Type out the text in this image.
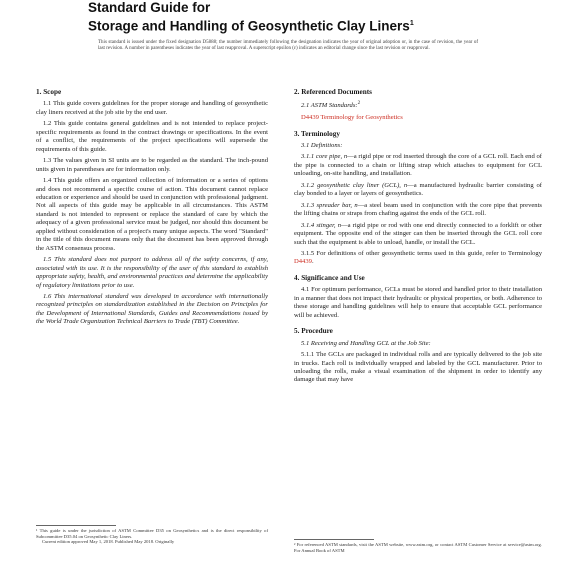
Standard Guide for
Storage and Handling of Geosynthetic Clay Liners$^1$
This standard is issued under the fixed designation D5888; the number immediately following the designation indicates the year of original adoption or, in the case of revision, the year of last revision. A number in parentheses indicates the year of last reapproval. A superscript epsilon (ε) indicates an editorial change since the last revision or reapproval.
1. Scope
1.1 This guide covers guidelines for the proper storage and handling of geosynthetic clay liners received at the job site by the end user.
1.2 This guide contains general guidelines and is not intended to replace project-specific requirements as found in the contract drawings or specifications. In the event of a conflict, the requirements of the project specifications will supersede the requirements of this guide.
1.3 The values given in SI units are to be regarded as the standard. The inch-pound units given in parentheses are for information only.
1.4 This guide offers an organized collection of information or a series of options and does not recommend a specific course of action. This document cannot replace education or experience and should be used in conjunction with professional judgment. Not all aspects of this guide may be applicable in all circumstances. This ASTM standard is not intended to represent or replace the standard of care by which the adequacy of a given professional service must be judged, nor should this document be applied without consideration of a project's many unique aspects. The word "Standard" in the title of this document means only that the document has been approved through the ASTM consensus process.
1.5 This standard does not purport to address all of the safety concerns, if any, associated with its use. It is the responsibility of the user of this standard to establish appropriate safety, health, and environmental practices and determine the applicability of regulatory limitations prior to use.
1.6 This international standard was developed in accordance with internationally recognized principles on standardization established in the Decision on Principles for the Development of International Standards, Guides and Recommendations issued by the World Trade Organization Technical Barriers to Trade (TBT) Committee.
¹ This guide is under the jurisdiction of ASTM Committee D35 on Geosynthetics and is the direct responsibility of Subcommittee D35.04 on Geosynthetic Clay Liners.
Current edition approved May 1, 2018. Published May 2018. Originally
2. Referenced Documents
2.1 ASTM Standards:$^2$
D4439 Terminology for Geosynthetics
3. Terminology
3.1 Definitions:
3.1.1 core pipe, n—a rigid pipe or rod inserted through the core of a GCL roll. Each end of the pipe is connected to a chain or lifting strap which attaches to equipment for GCL unloading, on-site handling, and installation.
3.1.2 geosynthetic clay liner (GCL), n—a manufactured hydraulic barrier consisting of clay bonded to a layer or layers of geosynthetics.
3.1.3 spreader bar, n—a steel beam used in conjunction with the core pipe that prevents the lifting chains or straps from chafing against the ends of the GCL roll.
3.1.4 stinger, n—a rigid pipe or rod with one end directly connected to a forklift or other equipment. The opposite end of the stinger can then be inserted through the GCL roll core such that the equipment is able to unload, handle, or install the GCL.
3.1.5 For definitions of other geosynthetic terms used in this guide, refer to Terminology D4439.
4. Significance and Use
4.1 For optimum performance, GCLs must be stored and handled prior to their installation in a manner that does not impact their hydraulic or physical properties, or both. Adherence to these storage and handling guidelines will help to ensure that acceptable GCL performance will be achieved.
5. Procedure
5.1 Receiving and Handling GCL at the Job Site:
5.1.1 The GCLs are packaged in individual rolls and are typically delivered to the job site in trucks. Each roll is individually wrapped and labeled by the GCL manufacturer. Prior to unloading the rolls, make a visual examination of the shipment in order to identify any damage that may have
² For referenced ASTM standards, visit the ASTM website, www.astm.org, or contact ASTM Customer Service at service@astm.org. For Annual Book of ASTM
